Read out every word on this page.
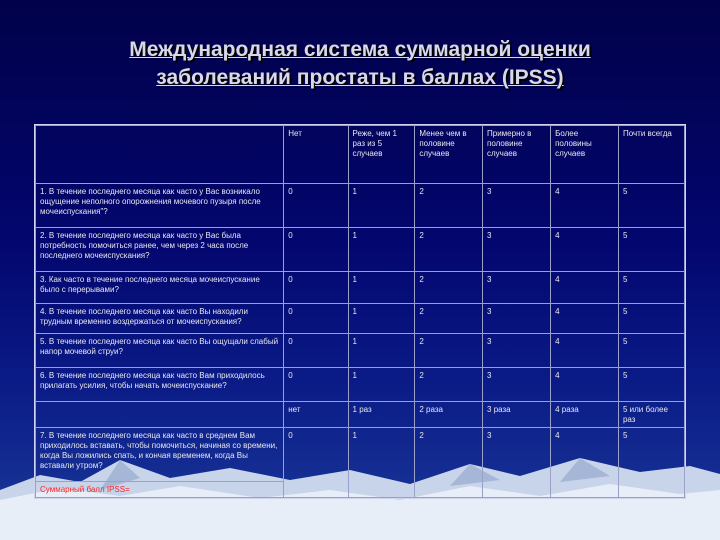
Международная система суммарной оценки
заболеваний простаты в баллах (IPSS)
	Нет	Реже, чем 1 раз из 5 случаев	Менее чем в половине случаев	Примерно в половине случаев	Более половины случаев	Почти всегда
1. В течение последнего месяца как часто у Вас возникало ощущение неполного опорожнения мочевого пузыря после мочеиспускания"?	0	1	2	3	4	5
2. В течение последнего месяца как часто у Вас была потребность помочиться ранее, чем через 2 часа после последнего мочеиспускания?	0	1	2	3	4	5
3. Как часто в течение последнего месяца мочеиспускание было с перерывами?	0	1	2	3	4	5
4. В течение последнего месяца как часто Вы находили трудным временно воздержаться от мочеиспускания?	0	1	2	3	4	5
5. В течение последнего месяца как часто Вы ощущали слабый напор мочевой струи?	0	1	2	3	4	5
6. В течение последнего месяца как часто Вам приходилось прилагать усилия, чтобы начать мочеиспускание?	0	1	2	3	4	5
	нет	1 раз	2 раза	3 раза	4 раза	5 или более раз
7. В течение последнего месяца как часто в среднем Вам приходилось вставать, чтобы помочиться, начиная со времени, когда Вы ложились спать, и кончая временем, когда Вы вставали утром?	0	1	2	3	4	5
Суммарный балл IPSS=						
